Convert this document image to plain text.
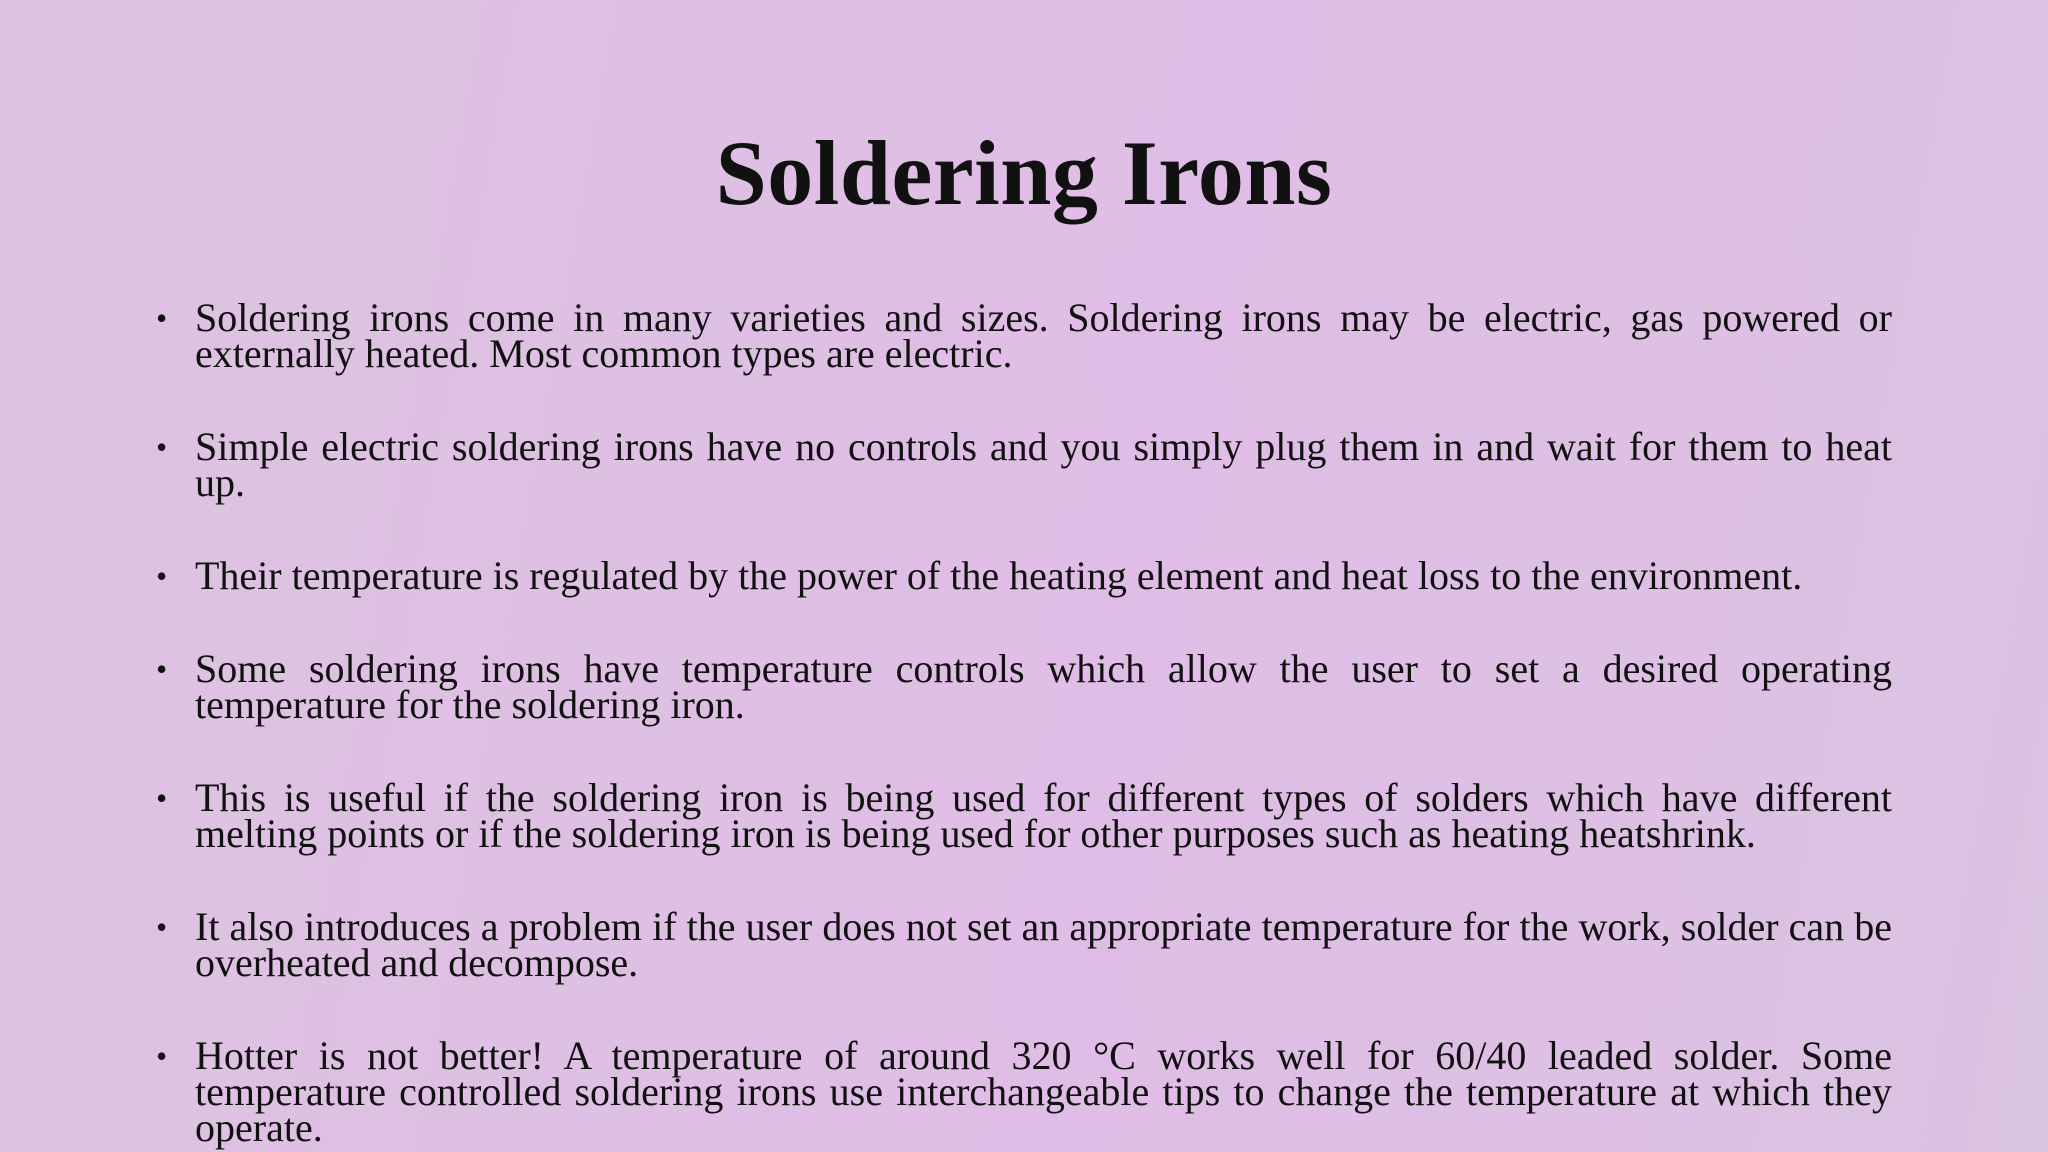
Soldering Irons
• Soldering irons come in many varieties and sizes. Soldering irons may be electric, gas powered or externally heated. Most common types are electric.
• Simple electric soldering irons have no controls and you simply plug them in and wait for them to heat up.
• Their temperature is regulated by the power of the heating element and heat loss to the environment.
• Some soldering irons have temperature controls which allow the user to set a desired operating temperature for the soldering iron.
• This is useful if the soldering iron is being used for different types of solders which have different melting points or if the soldering iron is being used for other purposes such as heating heatshrink.
• It also introduces a problem if the user does not set an appropriate temperature for the work, solder can be overheated and decompose.
• Hotter is not better! A temperature of around 320 °C works well for 60/40 leaded solder. Some temperature controlled soldering irons use interchangeable tips to change the temperature at which they operate.
